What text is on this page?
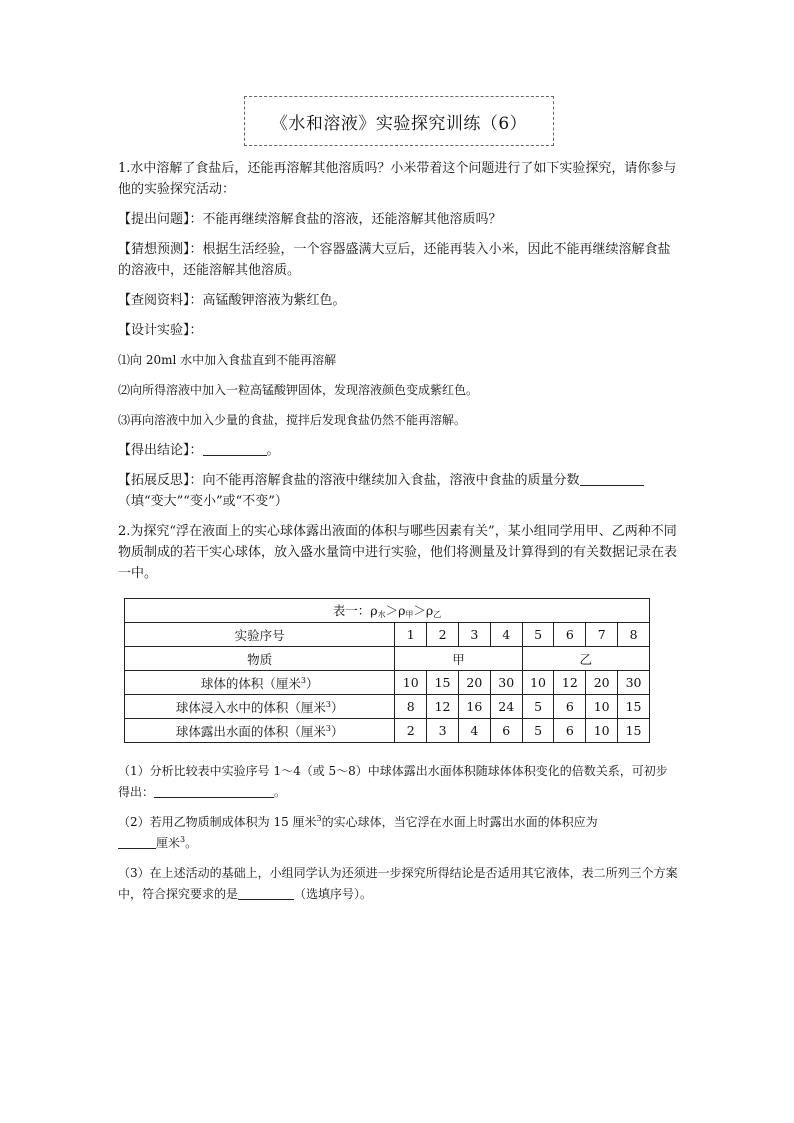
《水和溶液》实验探究训练（6）

1.水中溶解了食盐后，还能再溶解其他溶质吗？小米带着这个问题进行了如下实验探究，请你参与他的实验探究活动：

【提出问题】：不能再继续溶解食盐的溶液，还能溶解其他溶质吗？

【猜想预测】：根据生活经验，一个容器盛满大豆后，还能再装入小米，因此不能再继续溶解食盐的溶液中，还能溶解其他溶质。

【查阅资料】：高锰酸钾溶液为紫红色。

【设计实验】：

⑴向 20ml 水中加入食盐直到不能再溶解

⑵向所得溶液中加入一粒高锰酸钾固体，发现溶液颜色变成紫红色。

⑶再向溶液中加入少量的食盐，搅拌后发现食盐仍然不能再溶解。

【得出结论】：	。

【拓展反思】：向不能再溶解食盐的溶液中继续加入食盐，溶液中食盐的质量分数
（填“变大”“变小”或“不变”）

2.为探究“浮在液面上的实心球体露出液面的体积与哪些因素有关”，某小组同学用甲、乙两种不同物质制成的若干实心球体，放入盛水量筒中进行实验，他们将测量及计算得到的有关数据记录在表一中。

表一：$\rho_水>\rho_甲>\rho_乙$
实验序号	1	2	3	4	5	6	7	8
物质	甲				乙			
球体的体积（厘米$^3$）	10	15	20	30	10	12	20	30
球体浸入水中的体积（厘米$^3$）	8	12	16	24	5	6	10	15
球体露出水面的体积（厘米$^3$）	2	3	4	6	5	6	10	15

（1）分析比较表中实验序号 1～4（或 5～8）中球体露出水面体积随球体体积变化的倍数关系，可初步得出：	。

（2）若用乙物质制成体积为 15 厘米$^3$的实心球体，当它浮在水面上时露出水面的体积应为
厘米$^3$。

（3）在上述活动的基础上，小组同学认为还须进一步探究所得结论是否适用其它液体，表二所列三个方案中，符合探究要求的是	（选填序号）。
